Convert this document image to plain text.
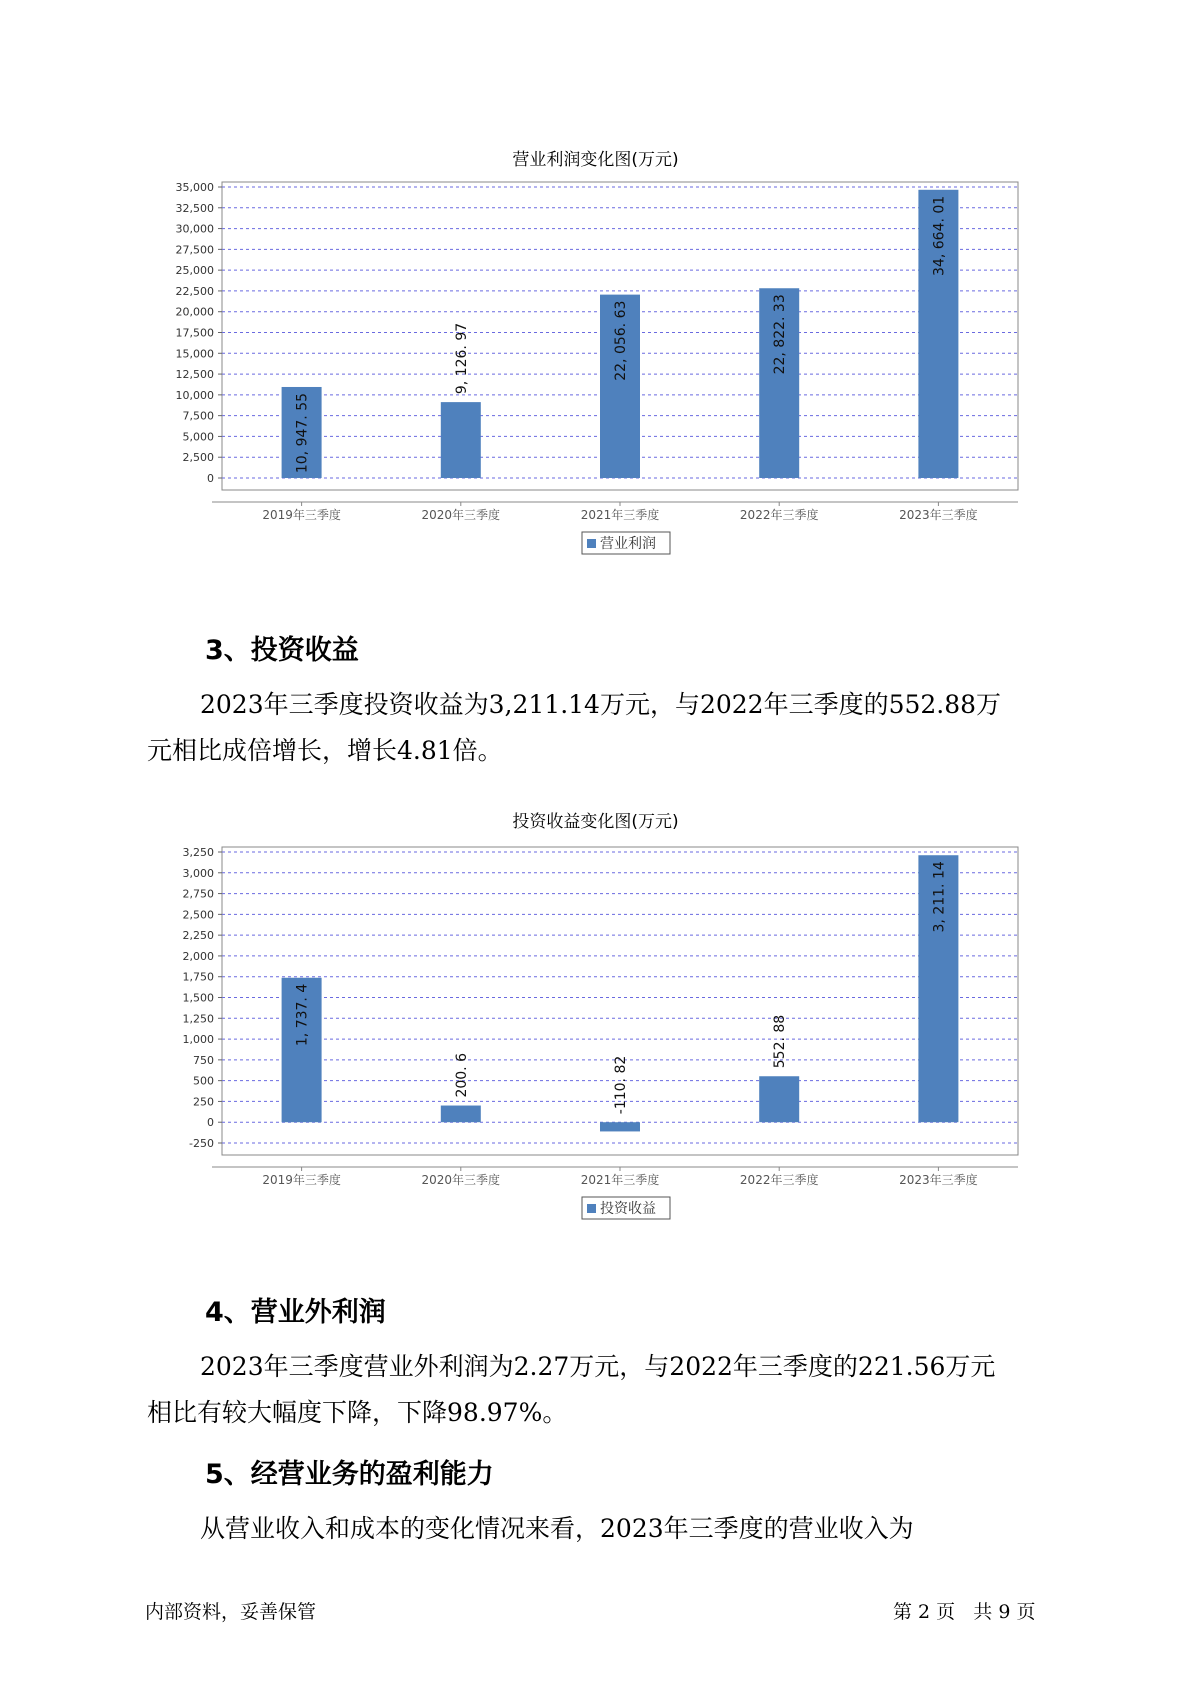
营业利润变化图(万元)
0
2,500
5,000
7,500
10,000
12,500
15,000
17,500
20,000
22,500
25,000
27,500
30,000
32,500
35,000
2019年三季度
10, 947. 55
2020年三季度
9, 126. 97
2021年三季度
22, 056. 63
2022年三季度
22, 822. 33
2023年三季度
34, 664. 01
营业利润
3、投资收益
2023年三季度投资收益为3,211.14万元，与2022年三季度的552.88万
元相比成倍增长，增长4.81倍。
投资收益变化图(万元)
-250
0
250
500
750
1,000
1,250
1,500
1,750
2,000
2,250
2,500
2,750
3,000
3,250
2019年三季度
1, 737. 4
2020年三季度
200. 6
2021年三季度
-110. 82
2022年三季度
552. 88
2023年三季度
3, 211. 14
投资收益
4、营业外利润
2023年三季度营业外利润为2.27万元，与2022年三季度的221.56万元
相比有较大幅度下降，下降98.97%。
5、经营业务的盈利能力
从营业收入和成本的变化情况来看，2023年三季度的营业收入为
内部资料，妥善保管	第 2 页   共 9 页
